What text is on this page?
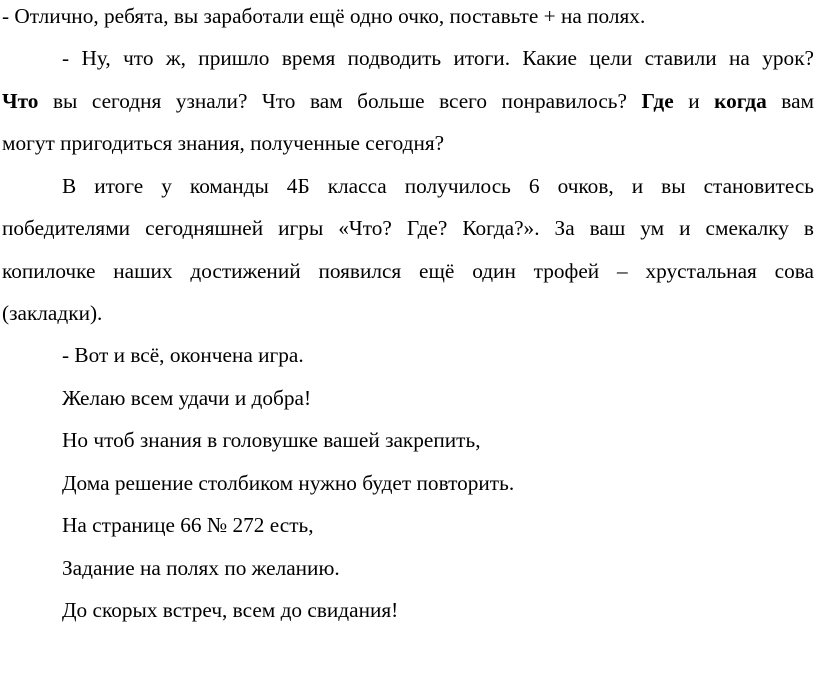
- Отлично, ребята, вы заработали ещё одно очко, поставьте + на полях.
- Ну, что ж, пришло время подводить итоги. Какие цели ставили на урок?
Что вы сегодня узнали? Что вам больше всего понравилось? Где и когда вам
могут пригодиться знания, полученные сегодня?
В итоге у команды 4Б класса получилось 6 очков, и вы становитесь
победителями сегодняшней игры «Что? Где? Когда?». За ваш ум и смекалку в
копилочке наших достижений появился ещё один трофей – хрустальная сова
(закладки).
- Вот и всё, окончена игра.
Желаю всем удачи и добра!
Но чтоб знания в головушке вашей закрепить,
Дома решение столбиком нужно будет повторить.
На странице 66 № 272 есть,
Задание на полях по желанию.
До скорых встреч, всем до свидания!
